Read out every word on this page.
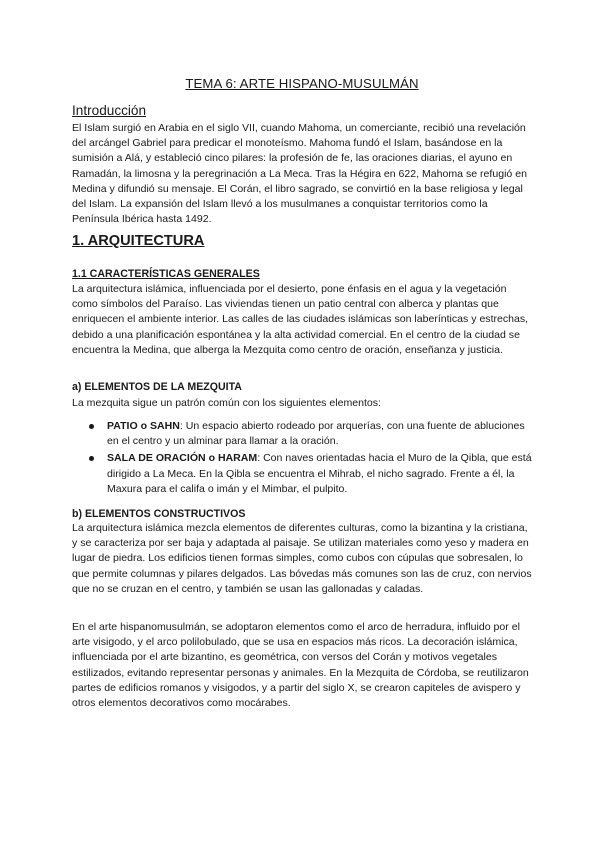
TEMA 6: ARTE HISPANO-MUSULMÁN
Introducción

El Islam surgió en Arabia en el siglo VII, cuando Mahoma, un comerciante, recibió una revelación del arcángel Gabriel para predicar el monoteísmo. Mahoma fundó el Islam, basándose en la sumisión a Alá, y estableció cinco pilares: la profesión de fe, las oraciones diarias, el ayuno en Ramadán, la limosna y la peregrinación a La Meca. Tras la Hégira en 622, Mahoma se refugió en Medina y difundió su mensaje. El Corán, el libro sagrado, se convirtió en la base religiosa y legal del Islam. La expansión del Islam llevó a los musulmanes a conquistar territorios como la Península Ibérica hasta 1492.

1. ARQUITECTURA
1.1 CARACTERÍSTICAS GENERALES

La arquitectura islámica, influenciada por el desierto, pone énfasis en el agua y la vegetación como símbolos del Paraíso. Las viviendas tienen un patio central con alberca y plantas que enriquecen el ambiente interior. Las calles de las ciudades islámicas son laberínticas y estrechas, debido a una planificación espontánea y la alta actividad comercial. En el centro de la ciudad se encuentra la Medina, que alberga la Mezquita como centro de oración, enseñanza y justicia.

a) ELEMENTOS DE LA MEZQUITA

La mezquita sigue un patrón común con los siguientes elementos:

PATIO o SAHN: Un espacio abierto rodeado por arquerías, con una fuente de abluciones en el centro y un alminar para llamar a la oración.
SALA DE ORACIÓN o HARAM: Con naves orientadas hacia el Muro de la Qibla, que está dirigido a La Meca. En la Qibla se encuentra el Mihrab, el nicho sagrado. Frente a él, la Maxura para el califa o imán y el Mimbar, el pulpito.
b) ELEMENTOS CONSTRUCTIVOS

La arquitectura islámica mezcla elementos de diferentes culturas, como la bizantina y la cristiana, y se caracteriza por ser baja y adaptada al paisaje. Se utilizan materiales como yeso y madera en lugar de piedra. Los edificios tienen formas simples, como cubos con cúpulas que sobresalen, lo que permite columnas y pilares delgados. Las bóvedas más comunes son las de cruz, con nervios que no se cruzan en el centro, y también se usan las gallonadas y caladas.

En el arte hispanomusulmán, se adoptaron elementos como el arco de herradura, influido por el arte visigodo, y el arco polilobulado, que se usa en espacios más ricos. La decoración islámica, influenciada por el arte bizantino, es geométrica, con versos del Corán y motivos vegetales estilizados, evitando representar personas y animales. En la Mezquita de Córdoba, se reutilizaron partes de edificios romanos y visigodos, y a partir del siglo X, se crearon capiteles de avispero y otros elementos decorativos como mocárabes.
